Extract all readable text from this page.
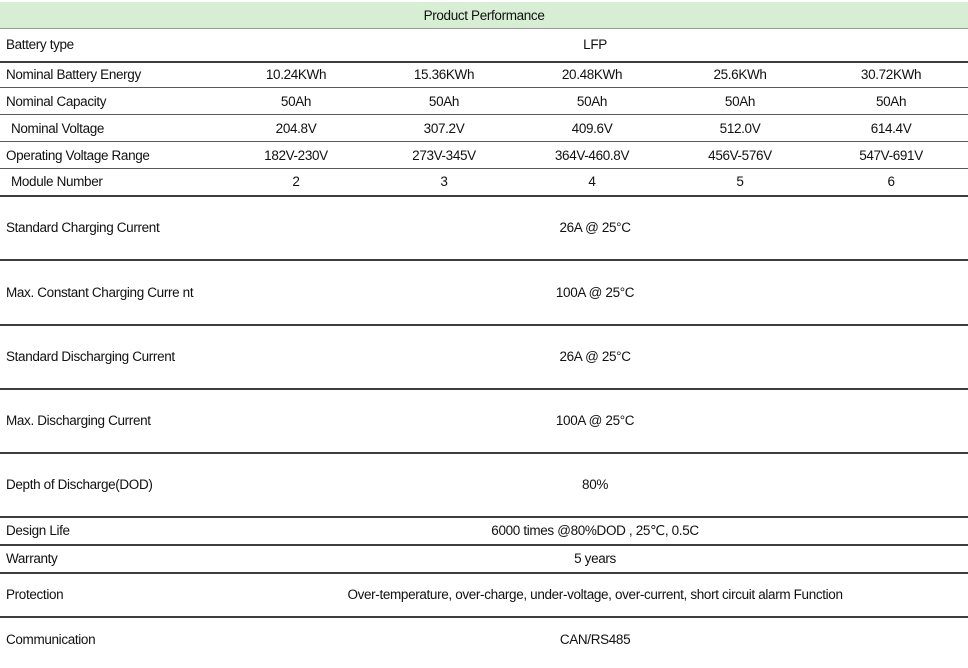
Product Performance					
Battery type	LFP				
Nominal Battery Energy	10.24KWh	15.36KWh	20.48KWh	25.6KWh	30.72KWh
Nominal Capacity	50Ah	50Ah	50Ah	50Ah	50Ah
Nominal Voltage	204.8V	307.2V	409.6V	512.0V	614.4V
Operating Voltage Range	182V-230V	273V-345V	364V-460.8V	456V-576V	547V-691V
Module Number	2	3	4	5	6
Standard Charging Current	26A @ 25°C				
Max. Constant Charging Curre nt	100A @ 25°C				
Standard Discharging Current	26A @ 25°C				
Max. Discharging Current	100A @ 25°C				
Depth of Discharge(DOD)	80%				
Design Life	6000 times @80%DOD , 25℃, 0.5C				
Warranty	5 years				
Protection	Over-temperature, over-charge, under-voltage, over-current, short circuit alarm Function				
Communication	CAN/RS485				
